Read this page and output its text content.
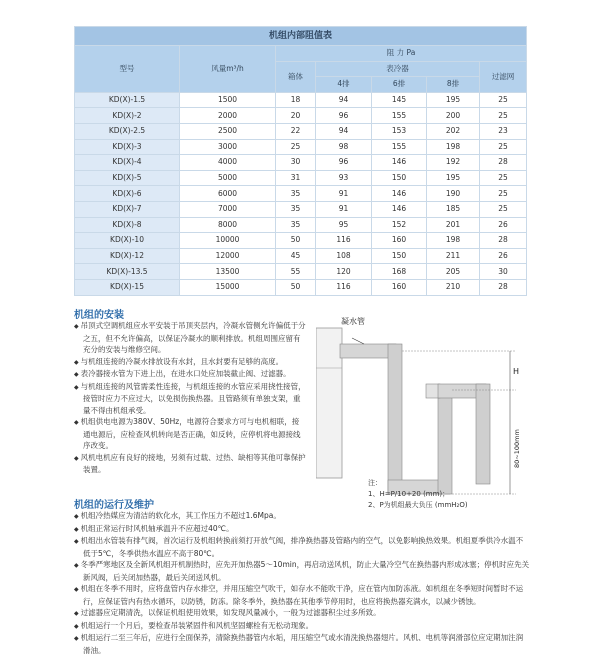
机组内部阻值表						
型号	风量m³/h	阻 力 Pa				
		箱体	表冷器			过滤网
			4排	6排	8排	
KD(X)-1.5	1500	18	94	145	195	25
KD(X)-2	2000	20	96	155	200	25
KD(X)-2.5	2500	22	94	153	202	23
KD(X)-3	3000	25	98	155	198	25
KD(X)-4	4000	30	96	146	192	28
KD(X)-5	5000	31	93	150	195	25
KD(X)-6	6000	35	91	146	190	25
KD(X)-7	7000	35	91	146	185	25
KD(X)-8	8000	35	95	152	201	26
KD(X)-10	10000	50	116	160	198	28
KD(X)-12	12000	45	108	150	211	26
KD(X)-13.5	13500	55	120	168	205	30
KD(X)-15	15000	50	116	160	210	28
机组的安装
◆ 吊顶式空调机组应水平安装于吊顶夹层内，冷凝水管侧允许偏低于分之五，但不允许偏高，以保证冷凝水的顺利排放。机组周围应留有充分的安装与维修空间。
◆ 与机组连接的冷凝水排放设有水封，且水封要有足够的高度。
◆ 表冷器接水管为下进上出，在进水口处应加装截止阀、过滤器。
◆ 与机组连接的风管需柔性连接，与机组连接的水管应采用挠性接管，接管时应力不应过大，以免损伤换热器。且管路须有单独支架，重量不得由机组承受。
◆ 机组供电电源为380V、50Hz，电源符合要求方可与电机相联，接通电源后，应检查风机转向是否正确，如反转，应停机将电源接线序改变。
◆ 风机电机应有良好的接地，另须有过载、过热、缺相等其他可靠保护装置。
机组的运行及维护
◆ 机组冷热媒应为清洁的软化水，其工作压力不超过1.6Mpa。
◆ 机组正常运行时风机轴承温升不应超过40℃。
◆ 机组出水管装有排气阀，首次运行及机组转换前须打开放气阀，排净换热器及管路内的空气，以免影响换热效果。机组夏季供冷水温不低于5℃，冬季供热水温应不高于80℃。
◆ 冬季严寒地区及全新风机组开机制热时，应先开加热器5～10min，再启动送风机，防止大量冷空气在换热器内形成冰塞；停机时应先关新风阀，后关闭加热器，最后关闭送风机。
◆ 机组在冬季不用时，应将盘管内存水排空，并用压缩空气吹干，如存水不能吹干净，应在管内加防冻液。如机组在冬季短时间暂时不运行，应保证管内有热水循环，以防锈，防冻。除冬季外，换热器在其他季节停用时，也应将换热器充满水，以减少锈蚀。
◆ 过滤器应定期清洗，以保证机组使用效果，如发现风量减小，一般为过滤器积尘过多所致。
◆ 机组运行一个月后，要检查吊装紧固件和风机坚固螺栓有无松动现象。
◆ 机组运行二至三年后，应进行全面保养，清除换热器管内水垢，用压缩空气或水清洗换热器翅片。风机、电机等润滑部位应定期加注润滑油。
凝水管
H
80~100mm
注：
1、H=P/10+20 (mm)；
2、P为机组最大负压 (mmH₂O)
